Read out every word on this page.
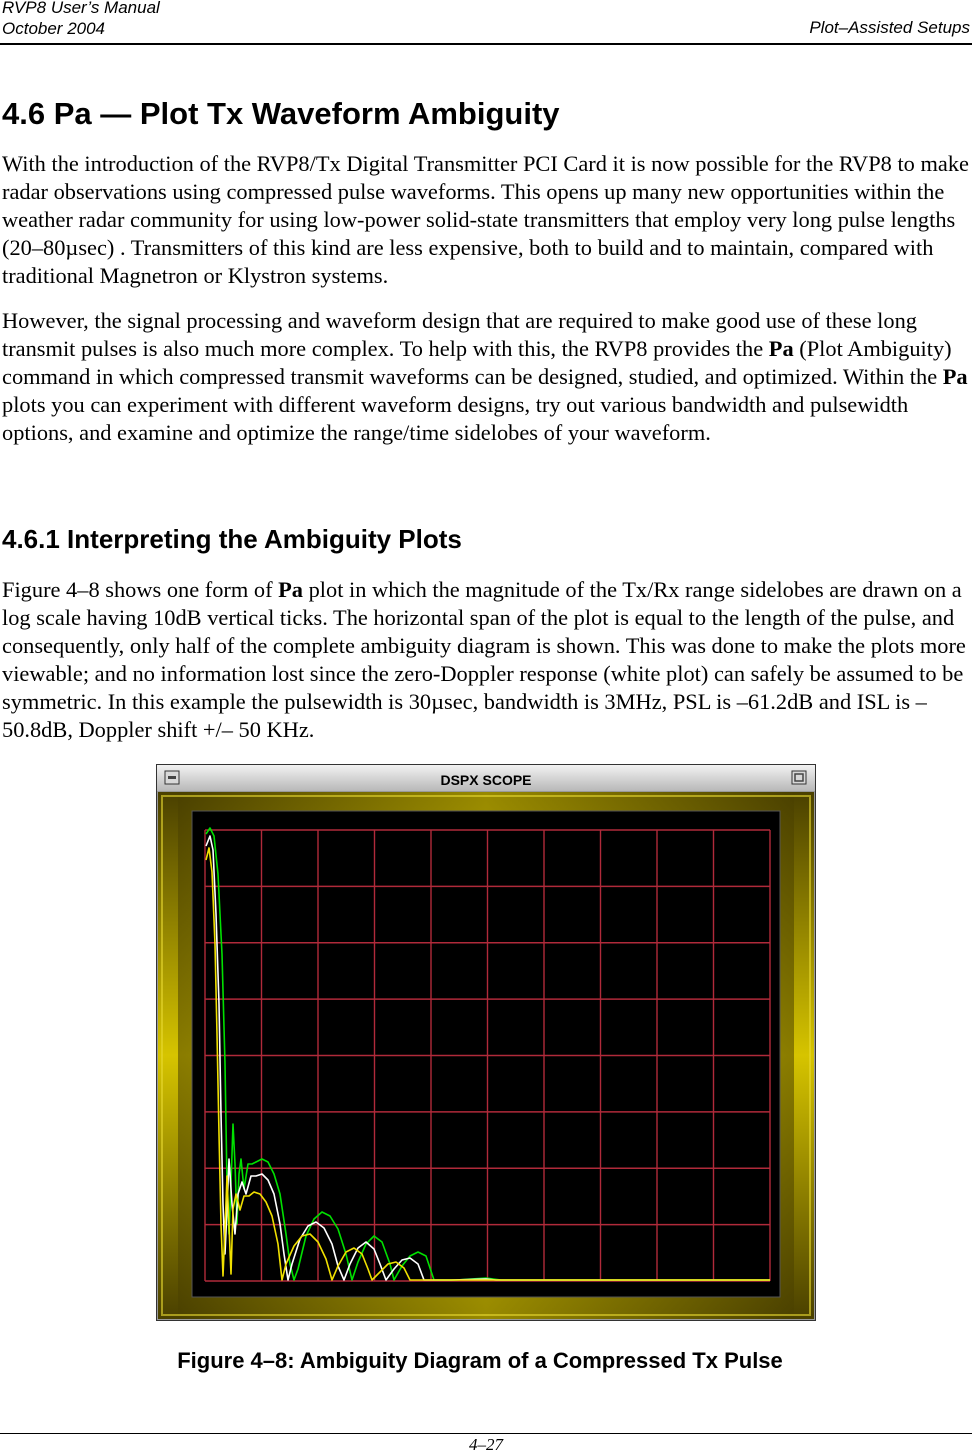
RVP8 User’s Manual
October 2004	Plot–Assisted Setups
4.6 Pa — Plot Tx Waveform Ambiguity

With the introduction of the RVP8/Tx Digital Transmitter PCI Card it is now possible for the RVP8 to make radar observations using compressed pulse waveforms. This opens up many new opportunities within the weather radar community for using low-power solid-state transmitters that employ very long pulse lengths (20–80µsec) . Transmitters of this kind are less expensive, both to build and to maintain, compared with traditional Magnetron or Klystron systems.

However, the signal processing and waveform design that are required to make good use of these long transmit pulses is also much more complex. To help with this, the RVP8 provides the Pa (Plot Ambiguity) command in which compressed transmit waveforms can be designed, studied, and optimized. Within the Pa plots you can experiment with different waveform designs, try out various bandwidth and pulsewidth options, and examine and optimize the range/time sidelobes of your waveform.

4.6.1 Interpreting the Ambiguity Plots

Figure 4–8 shows one form of Pa plot in which the magnitude of the Tx/Rx range sidelobes are drawn on a log scale having 10dB vertical ticks. The horizontal span of the plot is equal to the length of the pulse, and consequently, only half of the complete ambiguity diagram is shown. This was done to make the plots more viewable; and no information lost since the zero-Doppler response (white plot) can safely be assumed to be symmetric. In this example the pulsewidth is 30µsec, bandwidth is 3MHz, PSL is –61.2dB and ISL is –50.8dB, Doppler shift +/– 50 KHz.

DSPX SCOPE
Figure 4–8: Ambiguity Diagram of a Compressed Tx Pulse
4–27
